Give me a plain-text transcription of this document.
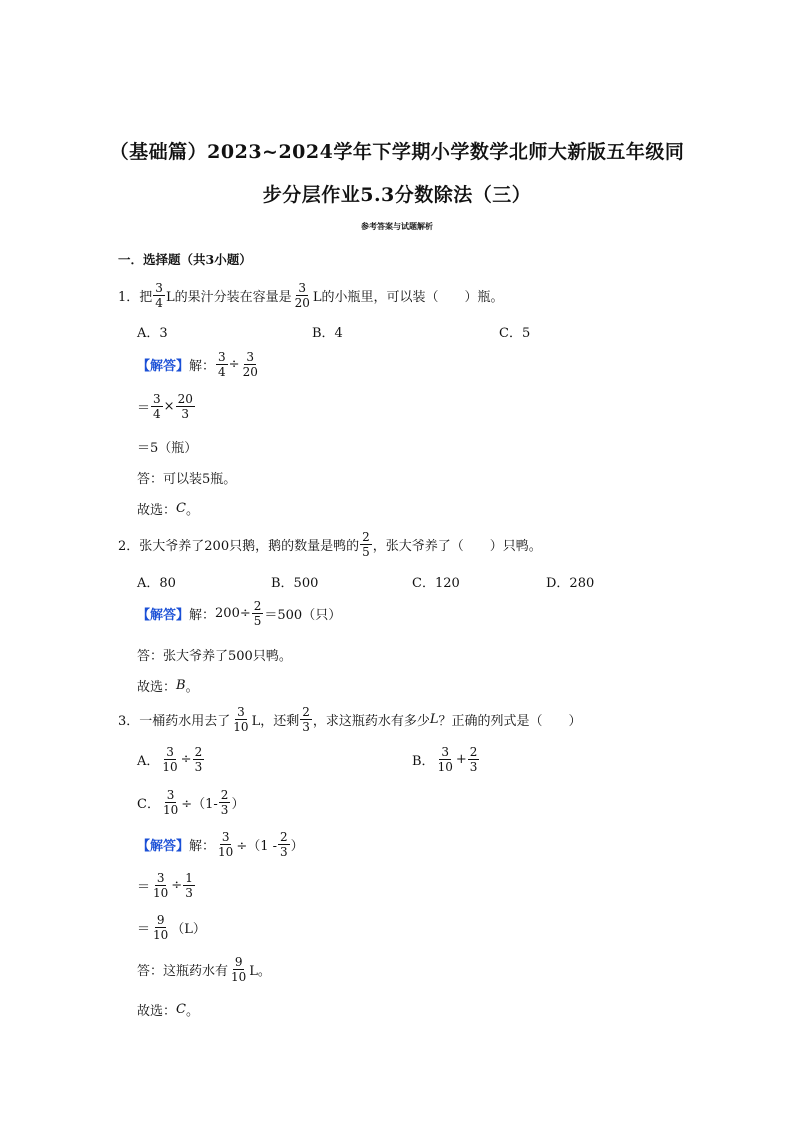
（基础篇）2023~2024学年下学期小学数学北师大新版五年级同
步分层作业5.3分数除法（三）
参考答案与试题解析
一．选择题（共3小题）
1． 把 $\frac{3}{4}$ L的果汁分装在容量是 $\frac{3}{20}$ L的小瓶里，可以装（　　）瓶。
A．3	B．4	C．5
【解答】 解： $\frac{3}{4} \div \frac{3}{20}$
＝ $\frac{3}{4} \times \frac{20}{3}$
＝5（瓶）
答：可以装5瓶。
故选： C 。
2． 张大爷养了200只鹅，鹅的数量是鸭的 $\frac{2}{5}$ ，张大爷养了（　　）只鸭。
A．80	B．500	C．120	D．280
【解答】 解： $200\div \frac{2}{5} =500$（只）
答：张大爷养了500只鸭。
故选： B 。
3． 一桶药水用去了 $\frac{3}{10}$ L，还剩 $\frac{2}{3}$ ，求这瓶药水有多少 L ？正确的列式是（　　）
A． $\frac{3}{10} \div \frac{2}{3}$	B． $\frac{3}{10} + \frac{2}{3}$
C． $\frac{3}{10} \div(1- \frac{2}{3}$ ）
【解答】 解： $\frac{3}{10} \div(1 - \frac{2}{3}$ ）
＝ $\frac{3}{10} \div \frac{1}{3}$
＝ $\frac{9}{10} (L)$
答：这瓶药水有 $\frac{9}{10}$ L。
故选： C 。
